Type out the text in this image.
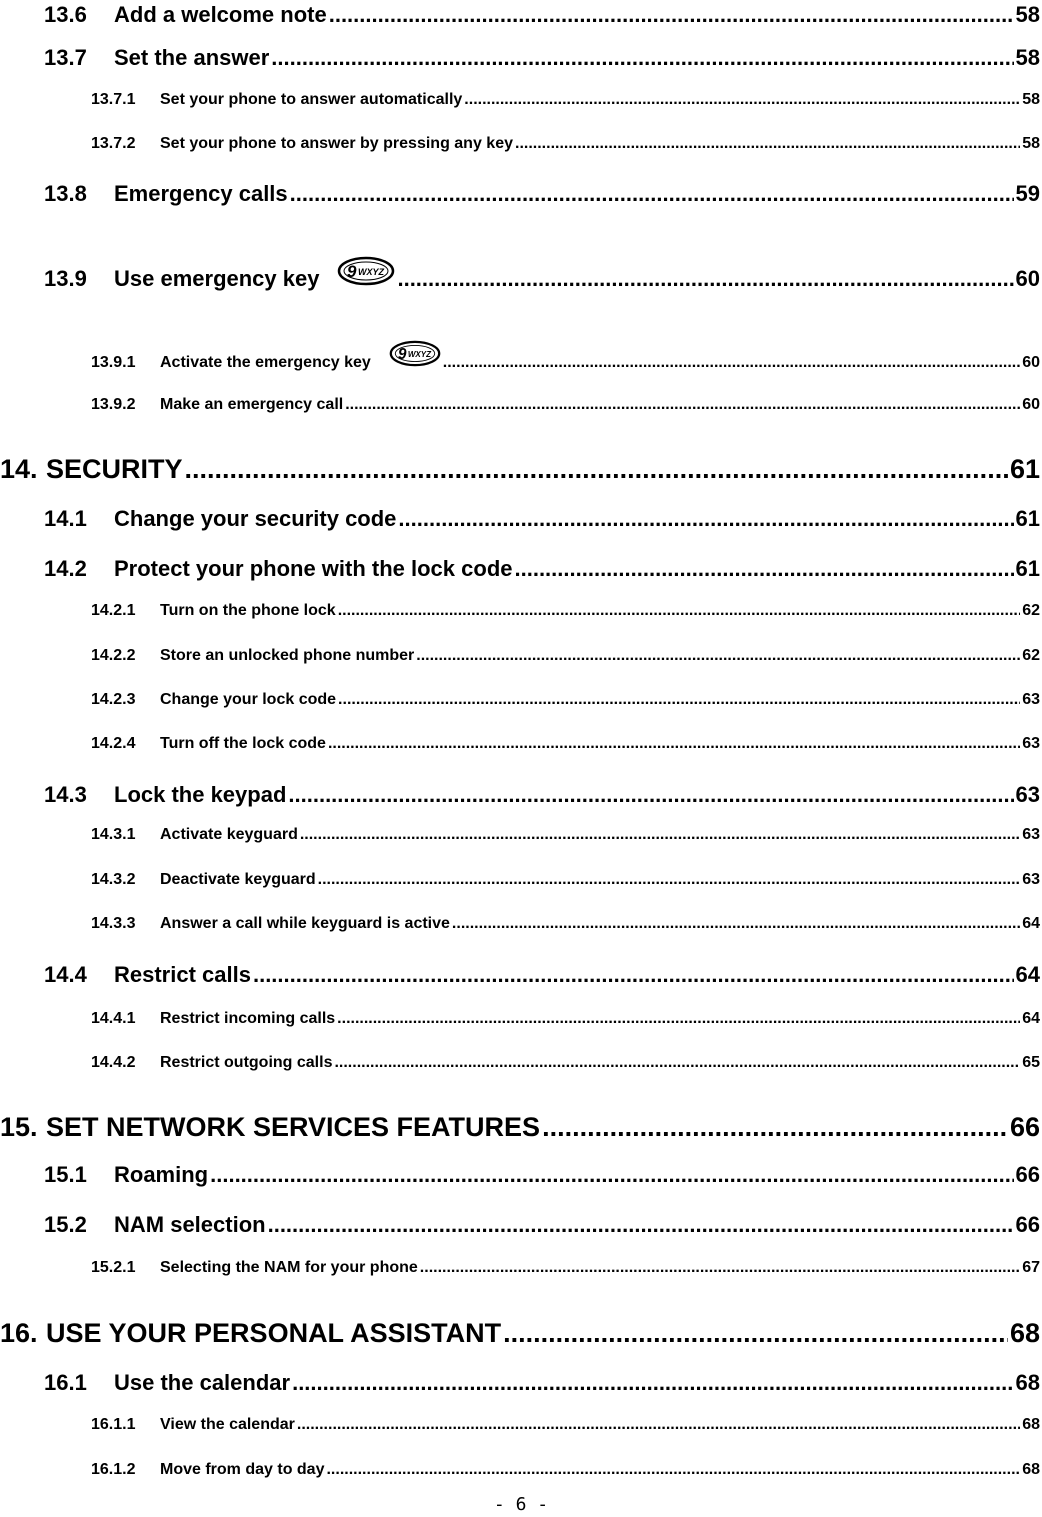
13.6	Add a welcome note .....	58
13.7	Set the answer .....	58
13.7.1	Set your phone to answer automatically .....	58
13.7.2	Set your phone to answer by pressing any key .....	58
13.8	Emergency calls .....	59
13.9	Use emergency key 9 WXYZ .....	60
13.9.1	Activate the emergency key 9 WXYZ .....	60
13.9.2	Make an emergency call .....	60
14. SECURITY .....	61
14.1	Change your security code .....	61
14.2	Protect your phone with the lock code .....	61
14.2.1	Turn on the phone lock .....	62
14.2.2	Store an unlocked phone number .....	62
14.2.3	Change your lock code .....	63
14.2.4	Turn off the lock code .....	63
14.3	Lock the keypad .....	63
14.3.1	Activate keyguard .....	63
14.3.2	Deactivate keyguard .....	63
14.3.3	Answer a call while keyguard is active .....	64
14.4	Restrict calls .....	64
14.4.1	Restrict incoming calls .....	64
14.4.2	Restrict outgoing calls .....	65
15. SET NETWORK SERVICES FEATURES .....	66
15.1	Roaming .....	66
15.2	NAM selection .....	66
15.2.1	Selecting the NAM for your phone .....	67
16. USE YOUR PERSONAL ASSISTANT .....	68
16.1	Use the calendar .....	68
16.1.1	View the calendar .....	68
16.1.2	Move from day to day .....	68
- 6 -
